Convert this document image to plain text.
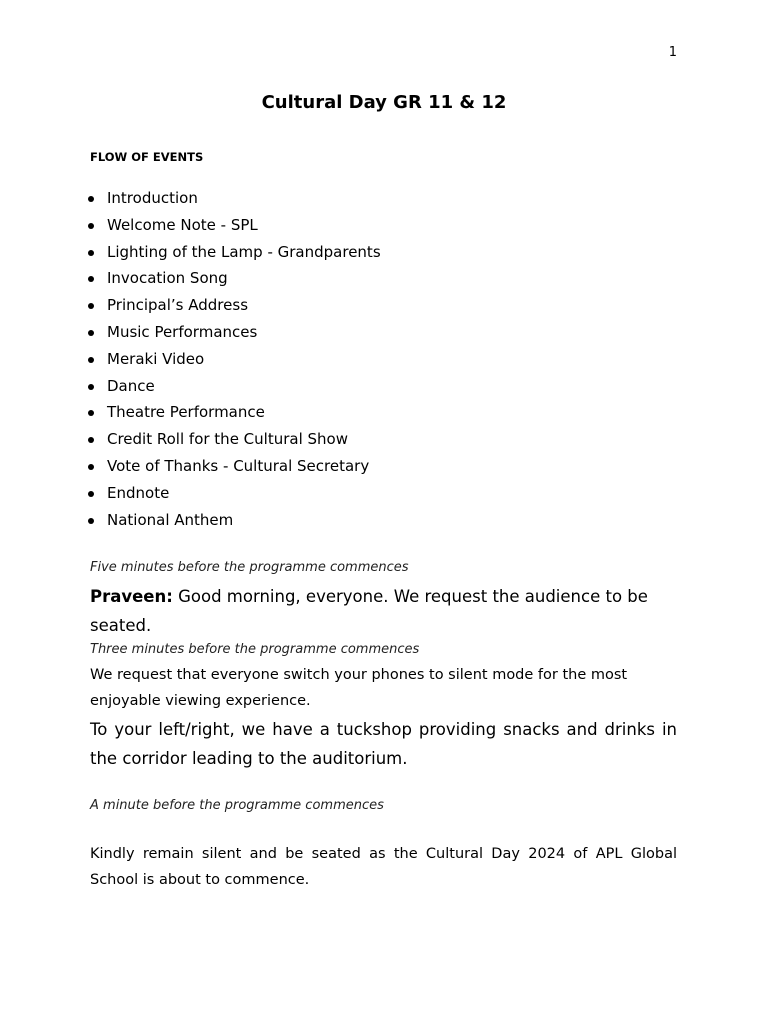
1
Cultural Day GR 11 & 12
FLOW OF EVENTS
Introduction
Welcome Note - SPL
Lighting of the Lamp - Grandparents
Invocation Song
Principal’s Address
Music Performances
Meraki Video
Dance
Theatre Performance
Credit Roll for the Cultural Show
Vote of Thanks - Cultural Secretary
Endnote
National Anthem

Five minutes before the programme commences

Praveen: Good morning, everyone. We request the audience to be seated.

Three minutes before the programme commences

We request that everyone switch your phones to silent mode for the most enjoyable viewing experience.

To your left/right, we have a tuckshop providing snacks and drinks in the corridor leading to the auditorium.

A minute before the programme commences

Kindly remain silent and be seated as the Cultural Day 2024 of APL Global School is about to commence.
